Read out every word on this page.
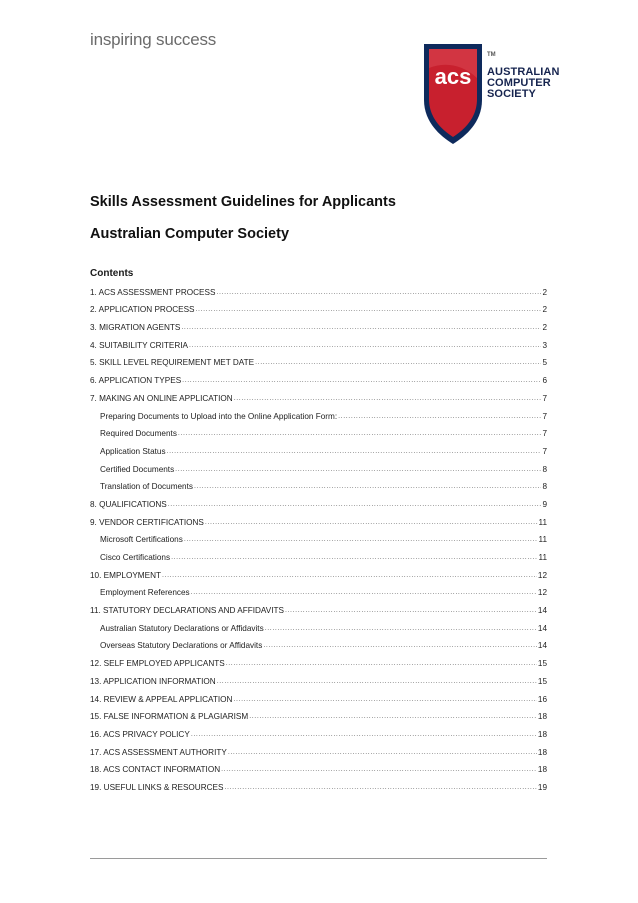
inspiring success
acs
TM
AUSTRALIAN
COMPUTER
SOCIETY
Skills Assessment Guidelines for Applicants
Australian Computer Society
Contents
1. ACS ASSESSMENT PROCESS .....	2
2. APPLICATION PROCESS .....	2
3. MIGRATION AGENTS .....	2
4. SUITABILITY CRITERIA .....	3
5. SKILL LEVEL REQUIREMENT MET DATE .....	5
6. APPLICATION TYPES .....	6
7. MAKING AN ONLINE APPLICATION .....	7
Preparing Documents to Upload into the Online Application Form: .....	7
Required Documents .....	7
Application Status .....	7
Certified Documents .....	8
Translation of Documents .....	8
8. QUALIFICATIONS .....	9
9. VENDOR CERTIFICATIONS .....	11
Microsoft Certifications .....	11
Cisco Certifications .....	11
10. EMPLOYMENT .....	12
Employment References .....	12
11. STATUTORY DECLARATIONS AND AFFIDAVITS .....	14
Australian Statutory Declarations or Affidavits .....	14
Overseas Statutory Declarations or Affidavits .....	14
12. SELF EMPLOYED APPLICANTS .....	15
13. APPLICATION INFORMATION .....	15
14. REVIEW & APPEAL APPLICATION .....	16
15. FALSE INFORMATION & PLAGIARISM .....	18
16. ACS PRIVACY POLICY .....	18
17. ACS ASSESSMENT AUTHORITY .....	18
18. ACS CONTACT INFORMATION .....	18
19. USEFUL LINKS & RESOURCES .....	19
